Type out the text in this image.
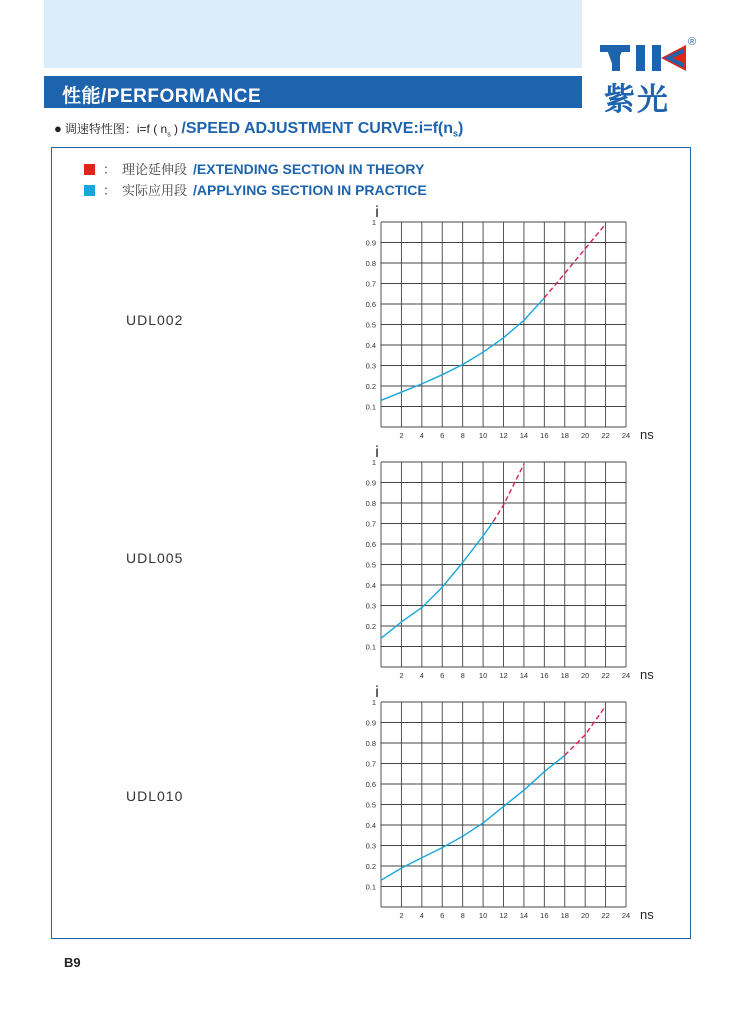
性能/PERFORMANCE
®
紫光
● 调速特性图：i=f ( $n_s$ ) /SPEED ADJUSTMENT $CURVE:i=f(n_s)$
： 理论延伸段 /EXTENDING SECTION IN THEORY
： 实际应用段 /APPLYING SECTION IN PRACTICE
UDL002
UDL005
UDL010
0.1
0.2
0.3
0.4
0.5
0.6
0.7
0.8
0.9
1
2 4 6 8 10 12 14 16 18 20 22 24
i
ns
0.1
0.2
0.3
0.4
0.5
0.6
0.7
0.8
0.9
1
2 4 6 8 10 12 14 16 18 20 22 24
i
ns
0.1
0.2
0.3
0.4
0.5
0.6
0.7
0.8
0.9
1
2 4 6 8 10 12 14 16 18 20 22 24
i
ns
B9
